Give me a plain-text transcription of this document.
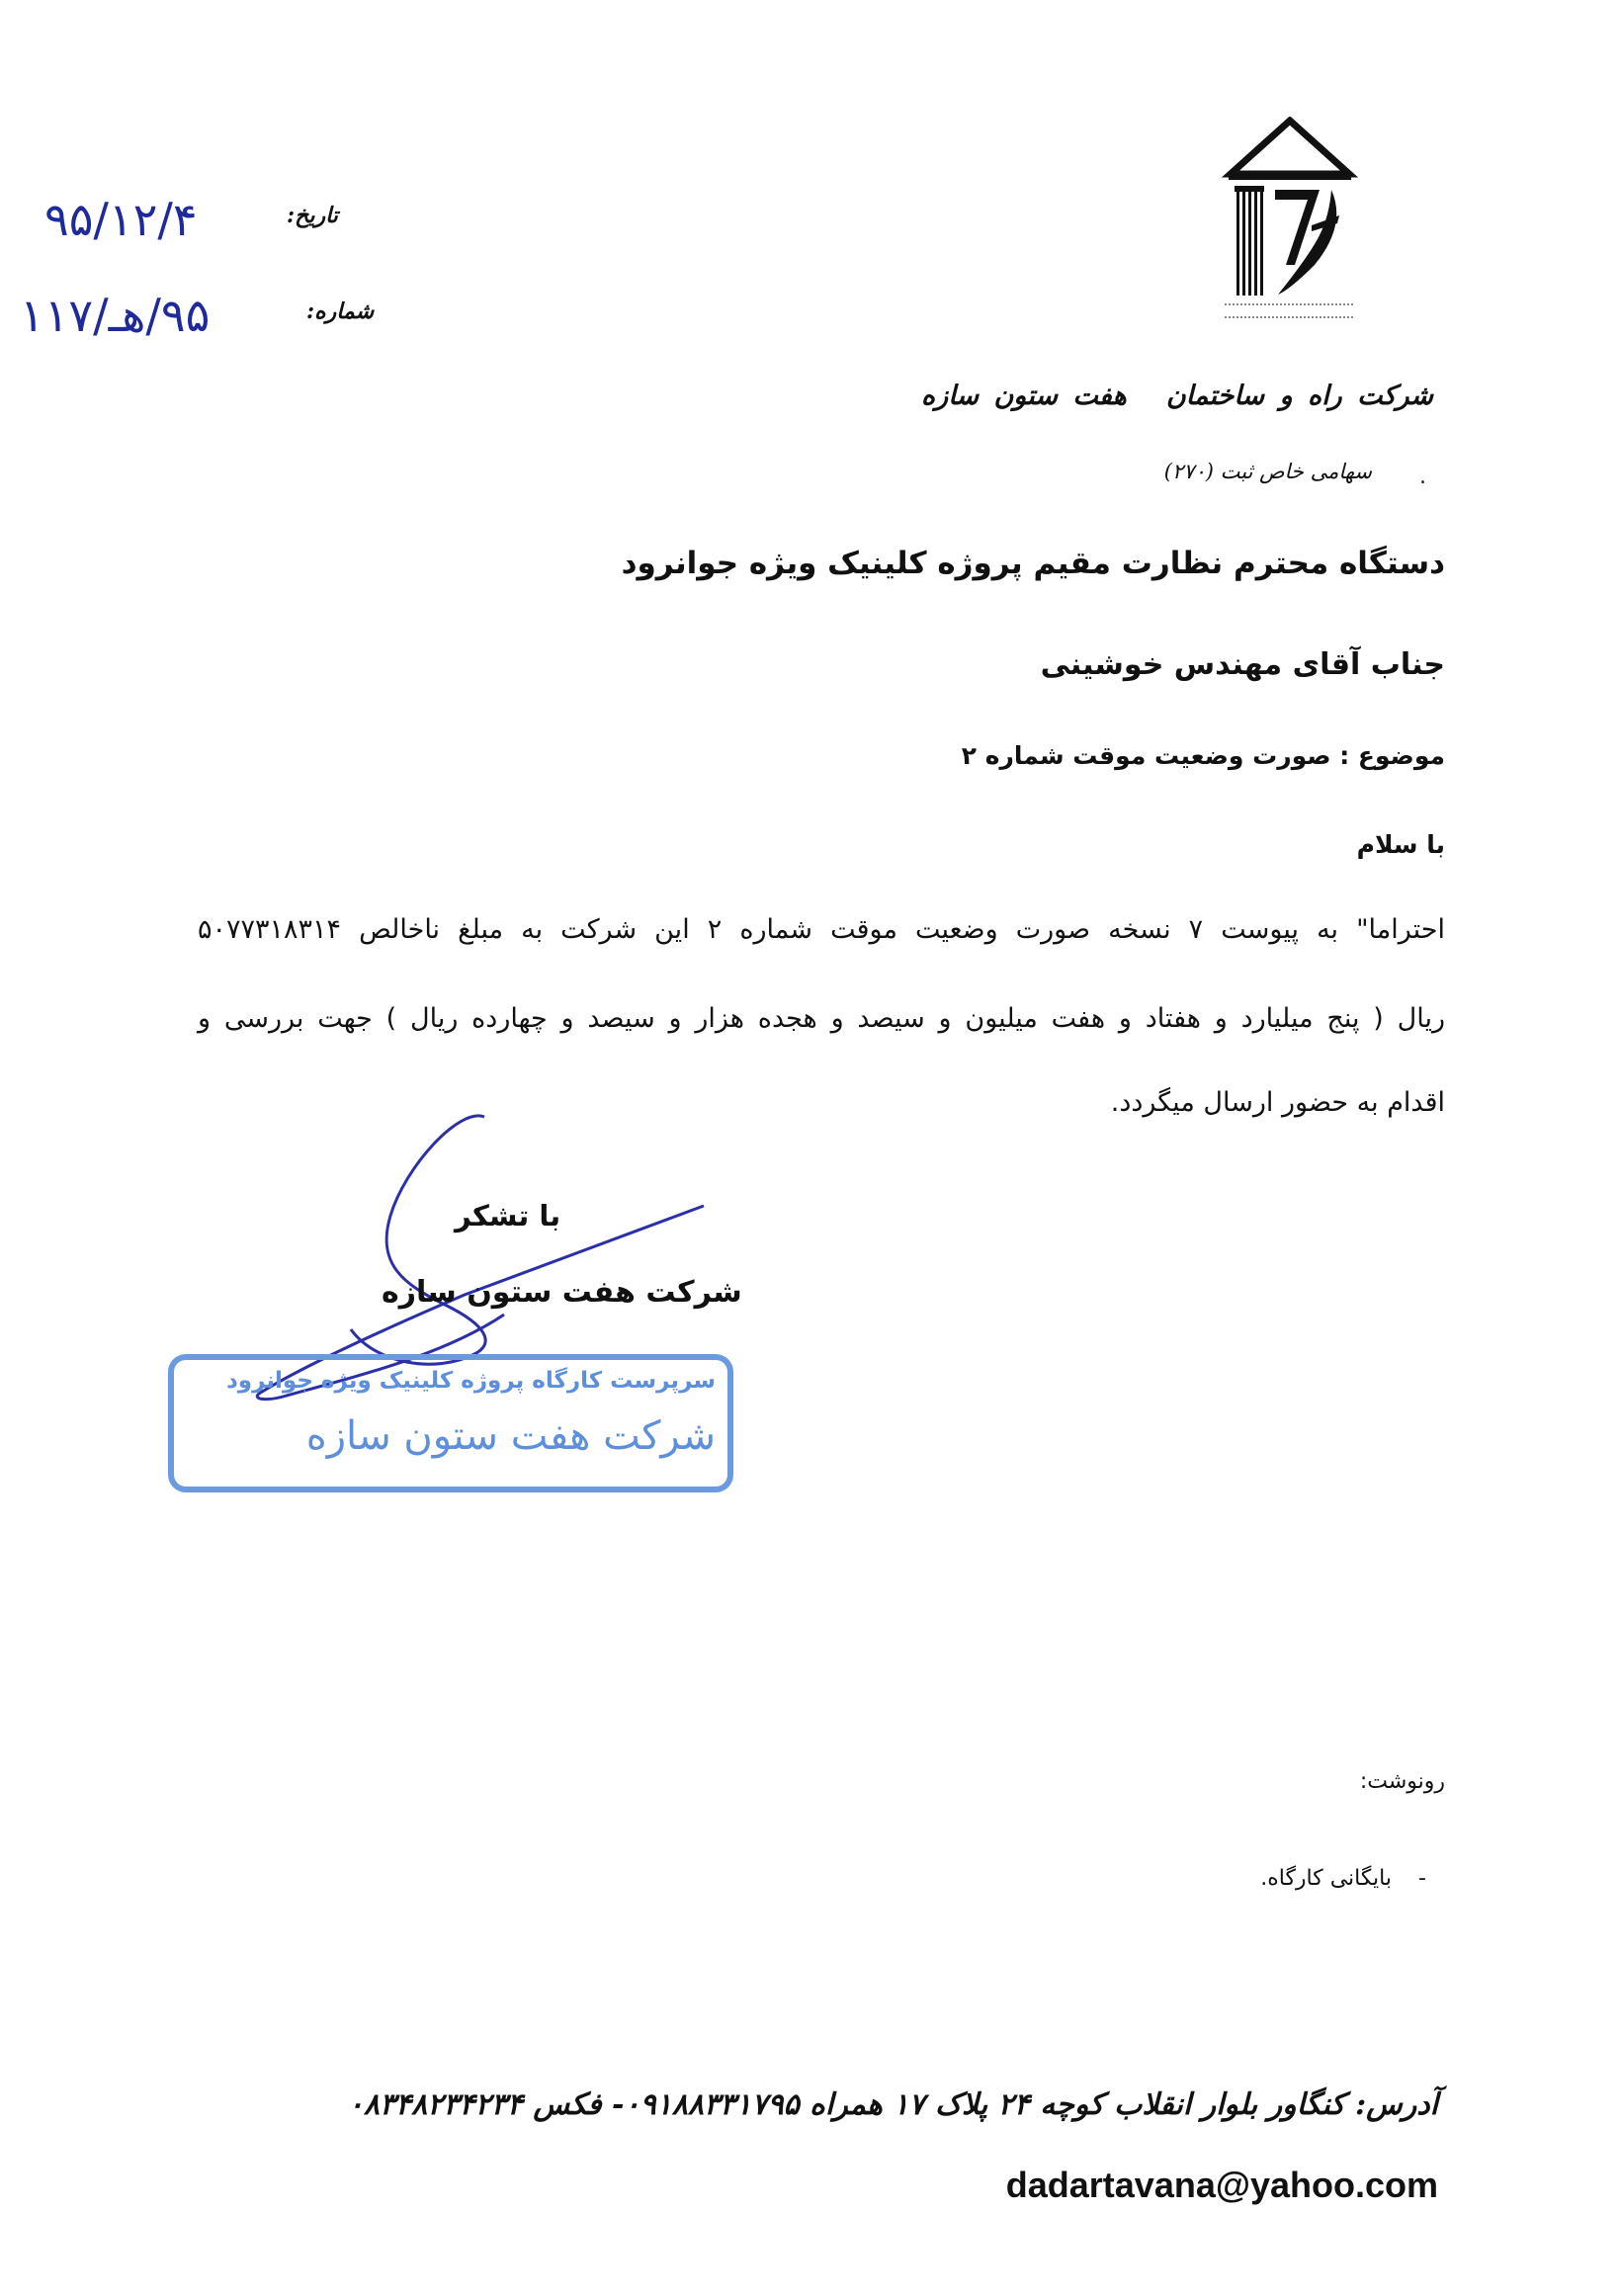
شرکت راه و ساختمانهفت ستون سازه
سهامی خاص ثبت (۲۷۰) .
تاریخ:
۹۵/۱۲/۴
شماره:
۹۵/هـ/۱۱۷
دستگاه محترم نظارت مقیم پروژه کلینیک ویژه جوانرود
جناب آقای مهندس خوشینی
موضوع : صورت وضعیت موقت شماره ۲
با سلام
احتراما" به پیوست ۷ نسخه صورت وضعیت موقت شماره ۲ این شرکت به مبلغ ناخالص ۵۰۷۷۳۱۸۳۱۴
ریال ( پنج میلیارد و هفتاد و هفت میلیون و سیصد و هجده هزار و سیصد و چهارده ریال ) جهت بررسی و
اقدام به حضور ارسال میگردد.
با تشکر
شرکت هفت ستون سازه
سرپرست کارگاه پروژه کلینیک ویژه جوانرود
شرکت هفت ستون سازه
رونوشت:
-
بایگانی کارگاه.
آدرس: کنگاور بلوار انقلاب کوچه ۲۴ پلاک ۱۷ همراه ۰۹۱۸۸۳۳۱۷۹۵- فکس ۰۸۳۴۸۲۳۴۲۳۴
dadartavana@yahoo.com
